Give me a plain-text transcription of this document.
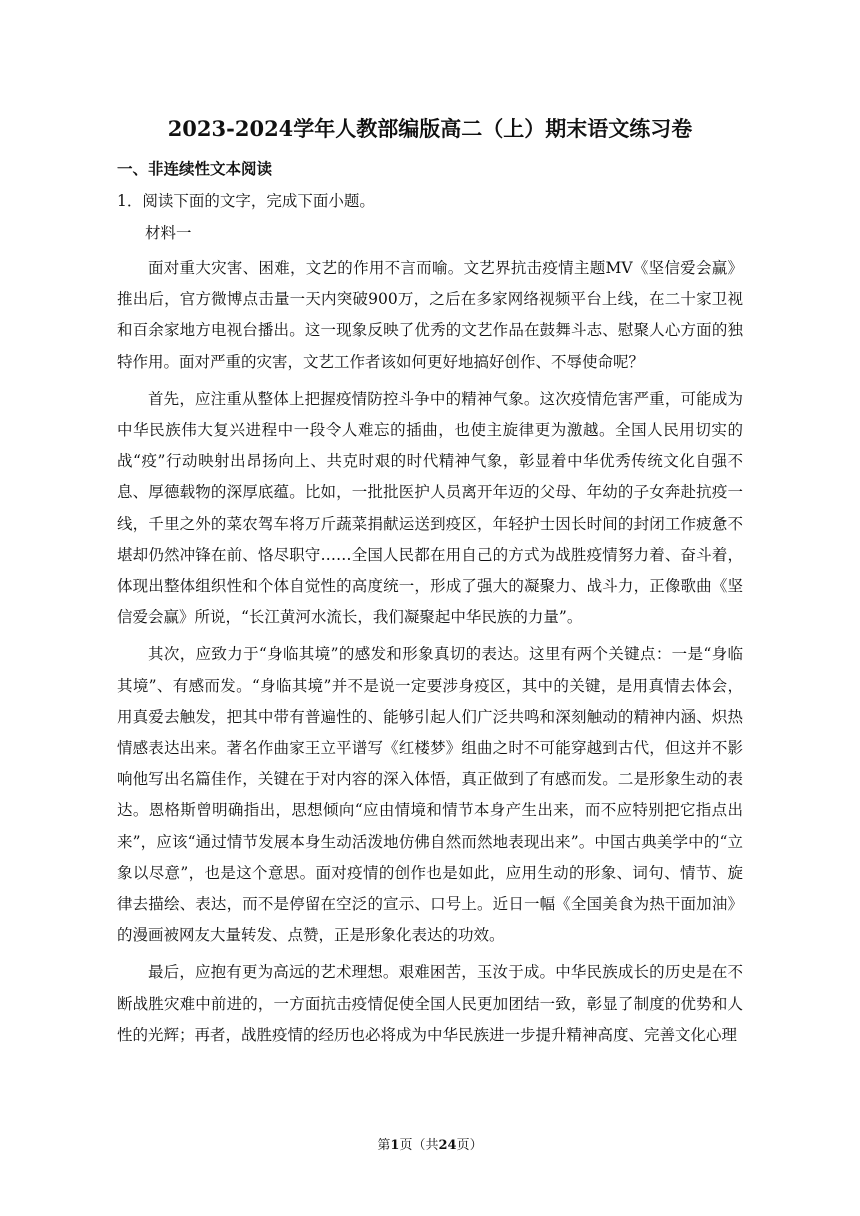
2023-2024学年人教部编版高二（上）期末语文练习卷
一、非连续性文本阅读
1．阅读下面的文字，完成下面小题。
材料一

面对重大灾害、困难，文艺的作用不言而喻。文艺界抗击疫情主题MV《坚信爱会赢》推出后，官方微博点击量一天内突破900万，之后在多家网络视频平台上线，在二十家卫视和百余家地方电视台播出。这一现象反映了优秀的文艺作品在鼓舞斗志、慰聚人心方面的独特作用。面对严重的灾害，文艺工作者该如何更好地搞好创作、不辱使命呢？

首先，应注重从整体上把握疫情防控斗争中的精神气象。这次疫情危害严重，可能成为中华民族伟大复兴进程中一段令人难忘的插曲，也使主旋律更为激越。全国人民用切实的战“疫”行动映射出昂扬向上、共克时艰的时代精神气象，彰显着中华优秀传统文化自强不息、厚德载物的深厚底蕴。比如，一批批医护人员离开年迈的父母、年幼的子女奔赴抗疫一线，千里之外的菜农驾车将万斤蔬菜捐献运送到疫区，年轻护士因长时间的封闭工作疲惫不堪却仍然冲锋在前、恪尽职守……全国人民都在用自己的方式为战胜疫情努力着、奋斗着，体现出整体组织性和个体自觉性的高度统一，形成了强大的凝聚力、战斗力，正像歌曲《坚信爱会赢》所说，“长江黄河水流长，我们凝聚起中华民族的力量”。

其次，应致力于“身临其境”的感发和形象真切的表达。这里有两个关键点：一是“身临其境”、有感而发。“身临其境”并不是说一定要涉身疫区，其中的关键，是用真情去体会，用真爱去触发，把其中带有普遍性的、能够引起人们广泛共鸣和深刻触动的精神内涵、炽热情感表达出来。著名作曲家王立平谱写《红楼梦》组曲之时不可能穿越到古代，但这并不影响他写出名篇佳作，关键在于对内容的深入体悟，真正做到了有感而发。二是形象生动的表达。恩格斯曾明确指出，思想倾向“应由情境和情节本身产生出来，而不应特别把它指点出来”，应该“通过情节发展本身生动活泼地仿佛自然而然地表现出来”。中国古典美学中的“立象以尽意”，也是这个意思。面对疫情的创作也是如此，应用生动的形象、词句、情节、旋律去描绘、表达，而不是停留在空泛的宣示、口号上。近日一幅《全国美食为热干面加油》的漫画被网友大量转发、点赞，正是形象化表达的功效。

最后，应抱有更为高远的艺术理想。艰难困苦，玉汝于成。中华民族成长的历史是在不断战胜灾难中前进的，一方面抗击疫情促使全国人民更加团结一致，彰显了制度的优势和人性的光辉；再者，战胜疫情的经历也必将成为中华民族进一步提升精神高度、完善文化心理

第1页（共24页）
